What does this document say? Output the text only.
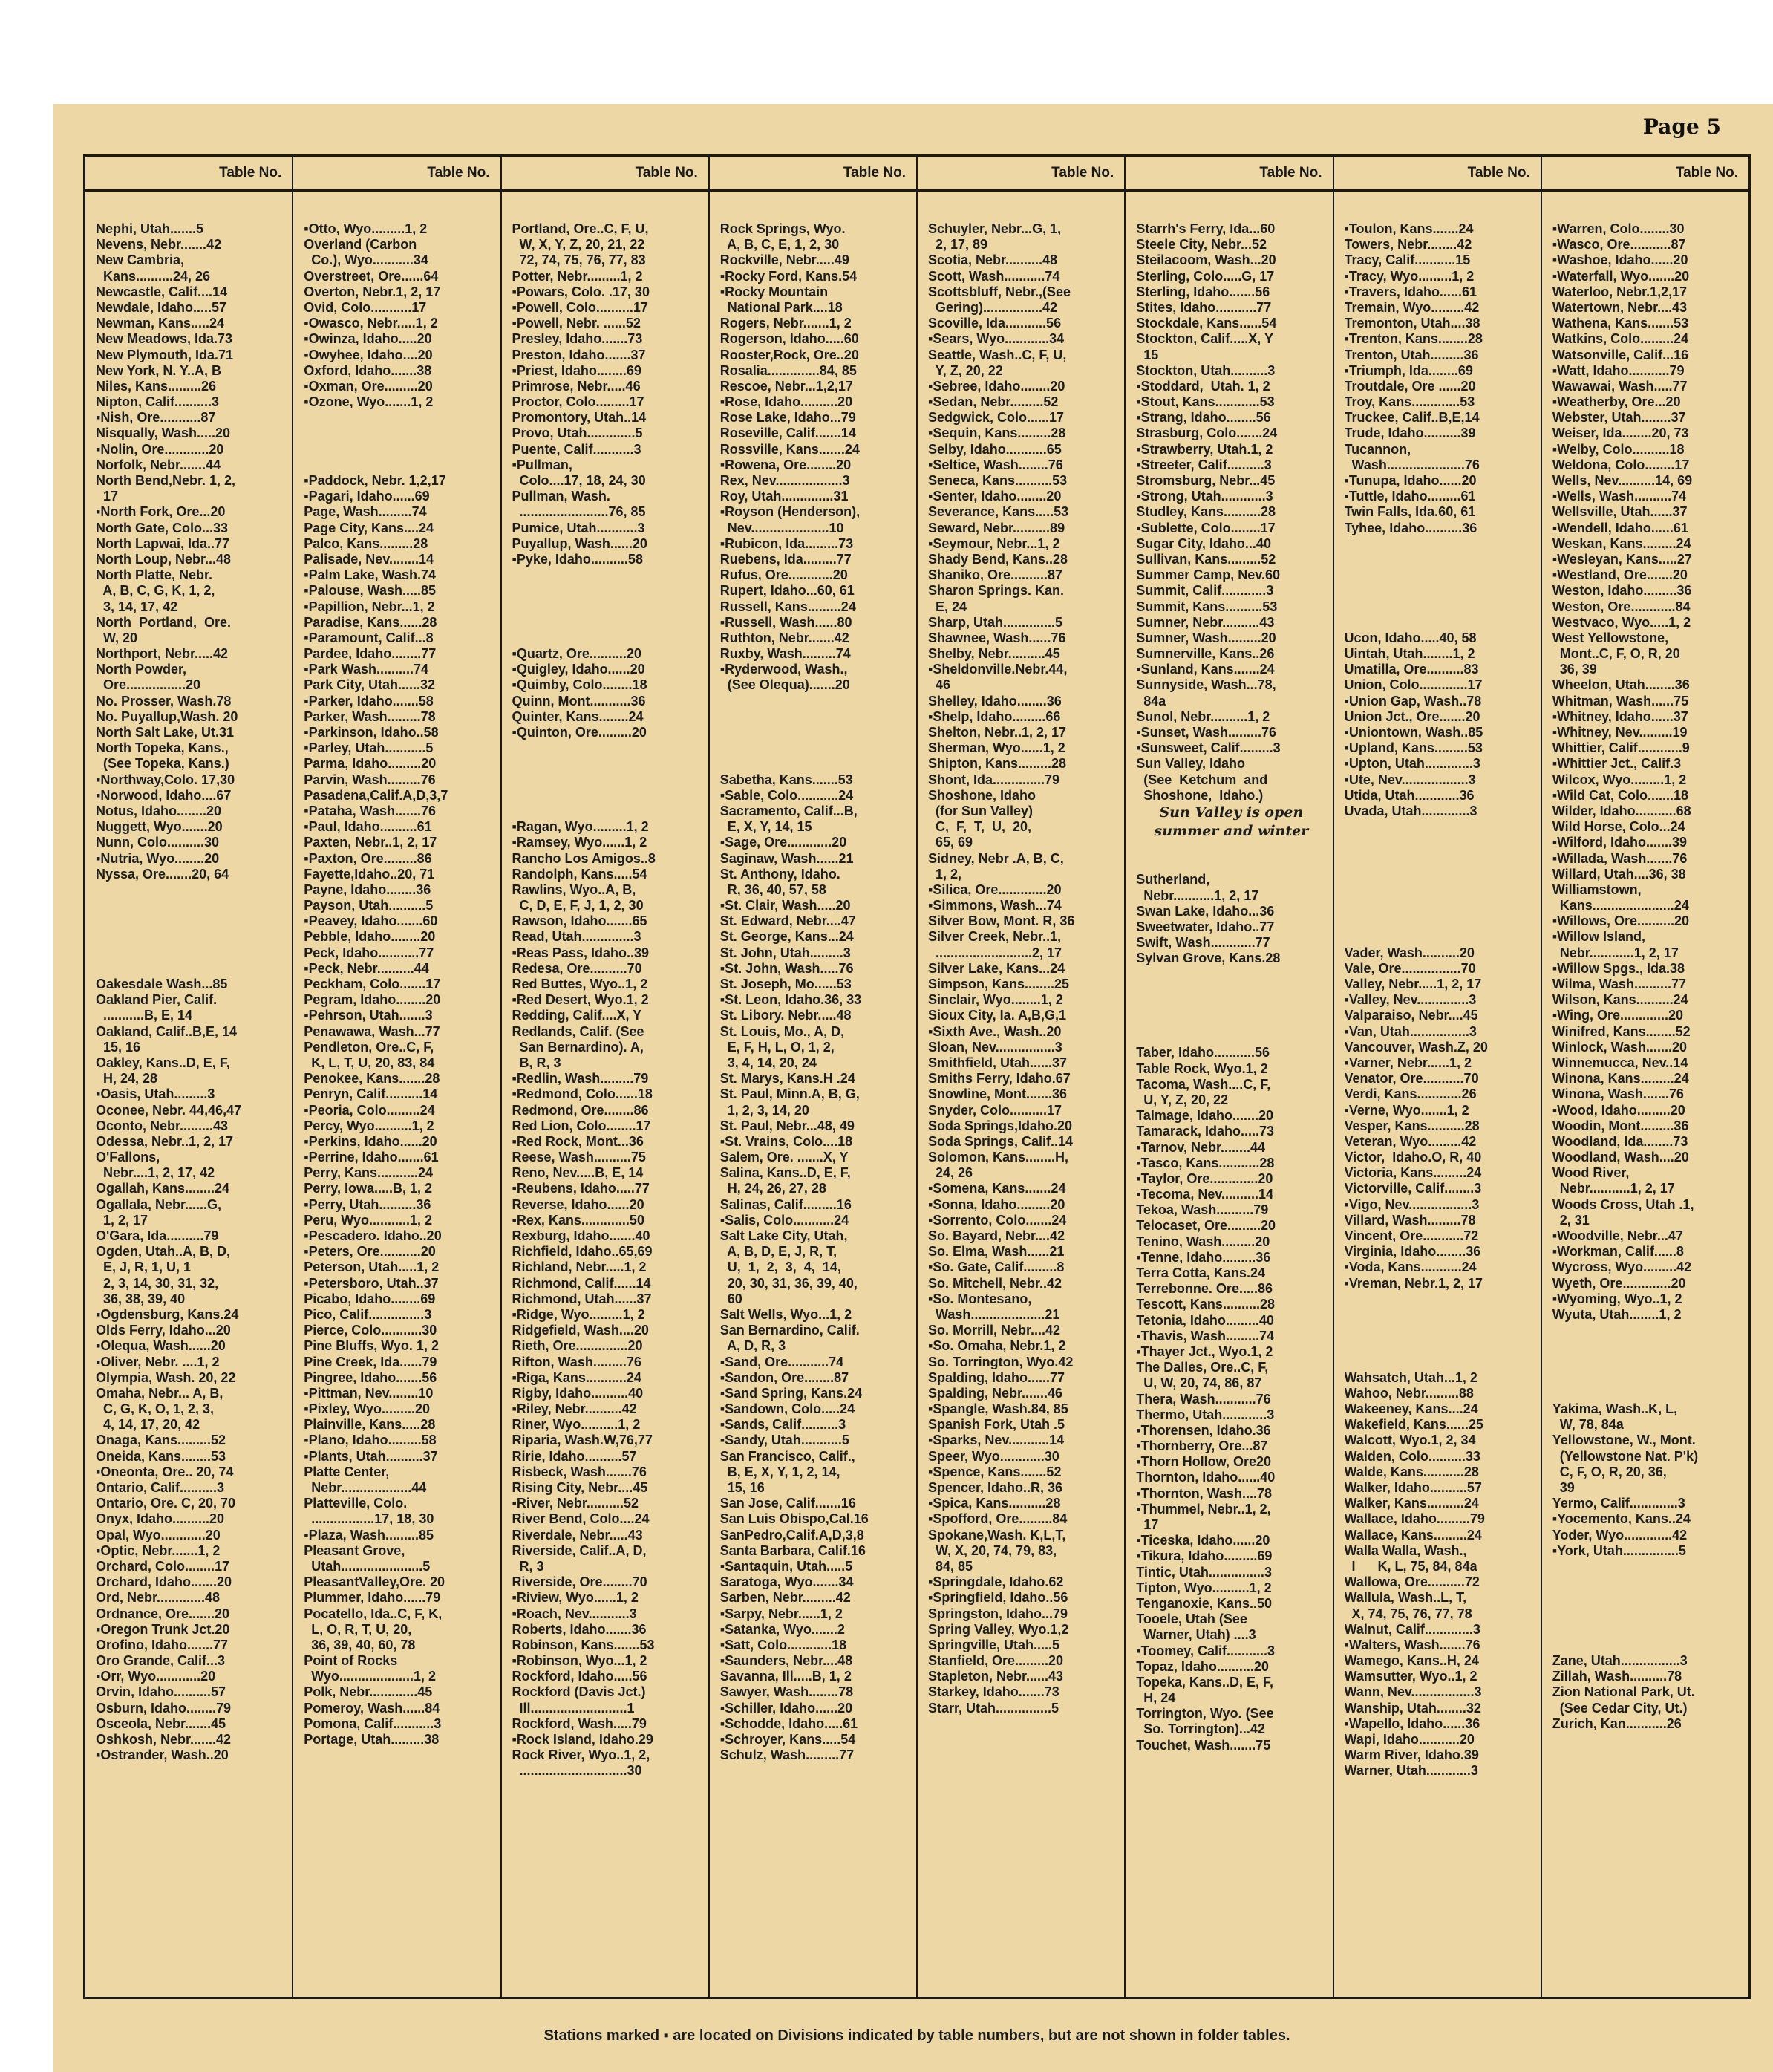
Page 5
Table No.
Nephi, Utah.......5
Nevens, Nebr.......42
New Cambria,
Kans..........24, 26
Newcastle, Calif....14
Newdale, Idaho.....57
Newman, Kans.....24
New Meadows, Ida.73
New Plymouth, Ida.71
New York, N. Y..A, B
Niles, Kans.........26
Nipton, Calif..........3
▪Nish, Ore...........87
Nisqually, Wash.....20
▪Nolin, Ore............20
Norfolk, Nebr.......44
North Bend,Nebr. 1, 2,
17
▪North Fork, Ore...20
North Gate, Colo...33
North Lapwai, Ida..77
North Loup, Nebr...48
North Platte, Nebr.
A, B, C, G, K, 1, 2,
3, 14, 17, 42
North  Portland,  Ore.
W, 20
Northport, Nebr.....42
North Powder,
Ore................20
No. Prosser, Wash.78
No. Puyallup,Wash. 20
North Salt Lake, Ut.31
North Topeka, Kans.,
(See Topeka, Kans.)
▪Northway,Colo. 17,30
▪Norwood, Idaho....67
Notus, Idaho........20
Nuggett, Wyo.......20
Nunn, Colo..........30
▪Nutria, Wyo........20
Nyssa, Ore.......20, 64

Oakesdale Wash...85
Oakland Pier, Calif.
...........B, E, 14
Oakland, Calif..B,E, 14
15, 16
Oakley, Kans..D, E, F,
H, 24, 28
▪Oasis, Utah.........3
Oconee, Nebr. 44,46,47
Oconto, Nebr.........43
Odessa, Nebr..1, 2, 17
O'Fallons,
Nebr....1, 2, 17, 42
Ogallah, Kans........24
Ogallala, Nebr......G,
1, 2, 17
O'Gara, Ida..........79
Ogden, Utah..A, B, D,
E, J, R, 1, U, 1
2, 3, 14, 30, 31, 32,
36, 38, 39, 40
▪Ogdensburg, Kans.24
Olds Ferry, Idaho...20
▪Olequa, Wash......20
▪Oliver, Nebr. ....1, 2
Olympia, Wash. 20, 22
Omaha, Nebr... A, B,
C, G, K, O, 1, 2, 3,
4, 14, 17, 20, 42
Onaga, Kans.........52
Oneida, Kans........53
▪Oneonta, Ore.. 20, 74
Ontario, Calif..........3
Ontario, Ore. C, 20, 70
Onyx, Idaho..........20
Opal, Wyo............20
▪Optic, Nebr.......1, 2
Orchard, Colo........17
Orchard, Idaho.......20
Ord, Nebr.............48
Ordnance, Ore.......20
▪Oregon Trunk Jct.20
Orofino, Idaho.......77
Oro Grande, Calif...3
▪Orr, Wyo............20
Orvin, Idaho..........57
Osburn, Idaho........79
Osceola, Nebr.......45
Oshkosh, Nebr.......42
▪Ostrander, Wash..20
Table No.
▪Otto, Wyo.........1, 2
Overland (Carbon
Co.), Wyo...........34
Overstreet, Ore......64
Overton, Nebr.1, 2, 17
Ovid, Colo...........17
▪Owasco, Nebr.....1, 2
▪Owinza, Idaho.....20
▪Owyhee, Idaho....20
Oxford, Idaho.......38
▪Oxman, Ore.........20
▪Ozone, Wyo.......1, 2

▪Paddock, Nebr. 1,2,17
▪Pagari, Idaho......69
Page, Wash.........74
Page City, Kans....24
Palco, Kans.........28
Palisade, Nev........14
▪Palm Lake, Wash.74
▪Palouse, Wash.....85
▪Papillion, Nebr...1, 2
Paradise, Kans......28
▪Paramount, Calif...8
Pardee, Idaho........77
▪Park Wash..........74
Park City, Utah......32
▪Parker, Idaho.......58
Parker, Wash.........78
▪Parkinson, Idaho..58
▪Parley, Utah...........5
Parma, Idaho.........20
Parvin, Wash.........76
Pasadena,Calif.A,D,3,7
▪Pataha, Wash.......76
▪Paul, Idaho..........61
Paxten, Nebr..1, 2, 17
▪Paxton, Ore.........86
Fayette,Idaho..20, 71
Payne, Idaho........36
Payson, Utah..........5
▪Peavey, Idaho.......60
Pebble, Idaho........20
Peck, Idaho...........77
▪Peck, Nebr..........44
Peckham, Colo.......17
Pegram, Idaho........20
▪Pehrson, Utah.......3
Penawawa, Wash...77
Pendleton, Ore..C, F,
K, L, T, U, 20, 83, 84
Penokee, Kans.......28
Penryn, Calif..........14
▪Peoria, Colo.........24
Percy, Wyo..........1, 2
▪Perkins, Idaho......20
▪Perrine, Idaho.......61
Perry, Kans...........24
Perry, Iowa.....B, 1, 2
▪Perry, Utah..........36
Peru, Wyo...........1, 2
▪Pescadero. Idaho..20
▪Peters, Ore...........20
Peterson, Utah.....1, 2
▪Petersboro, Utah..37
Picabo, Idaho........69
Pico, Calif...............3
Pierce, Colo...........30
Pine Bluffs, Wyo. 1, 2
Pine Creek, Ida......79
Pingree, Idaho.......56
▪Pittman, Nev........10
▪Pixley, Wyo.........20
Plainville, Kans.....28
▪Plano, Idaho.........58
▪Plants, Utah..........37
Platte Center,
Nebr...................44
Platteville, Colo.
.................17, 18, 30
▪Plaza, Wash.........85
Pleasant Grove,
Utah......................5
PleasantValley,Ore. 20
Plummer, Idaho......79
Pocatello, Ida..C, F, K,
L, O, R, T, U, 20,
36, 39, 40, 60, 78
Point of Rocks
Wyo....................1, 2
Polk, Nebr.............45
Pomeroy, Wash......84
Pomona, Calif...........3
Portage, Utah.........38
Table No.
Portland, Ore..C, F, U,
W, X, Y, Z, 20, 21, 22
72, 74, 75, 76, 77, 83
Potter, Nebr.........1, 2
▪Powars, Colo. .17, 30
▪Powell, Colo..........17
▪Powell, Nebr. ......52
Presley, Idaho.......73
Preston, Idaho.......37
▪Priest, Idaho........69
Primrose, Nebr.....46
Proctor, Colo.........17
Promontory, Utah..14
Provo, Utah.............5
Puente, Calif...........3
▪Pullman,
Colo....17, 18, 24, 30
Pullman, Wash.
........................76, 85
Pumice, Utah...........3
Puyallup, Wash......20
▪Pyke, Idaho..........58

▪Quartz, Ore..........20
▪Quigley, Idaho......20
▪Quimby, Colo........18
Quinn, Mont...........36
Quinter, Kans........24
▪Quinton, Ore.........20

▪Ragan, Wyo.........1, 2
▪Ramsey, Wyo......1, 2
Rancho Los Amigos..8
Randolph, Kans.....54
Rawlins, Wyo..A, B,
C, D, E, F, J, 1, 2, 30
Rawson, Idaho.......65
Read, Utah..............3
▪Reas Pass, Idaho..39
Redesa, Ore..........70
Red Buttes, Wyo..1, 2
▪Red Desert, Wyo.1, 2
Redding, Calif....X, Y
Redlands, Calif. (See
San Bernardino). A,
B, R, 3
▪Redlin, Wash.........79
▪Redmond, Colo......18
Redmond, Ore........86
Red Lion, Colo........17
▪Red Rock, Mont...36
Reese, Wash..........75
Reno, Nev.....B, E, 14
▪Reubens, Idaho.....77
Reverse, Idaho......20
▪Rex, Kans.............50
Rexburg, Idaho.......40
Richfield, Idaho..65,69
Richland, Nebr.....1, 2
Richmond, Calif......14
Richmond, Utah......37
▪Ridge, Wyo.........1, 2
Ridgefield, Wash....20
Rieth, Ore..............20
Rifton, Wash.........76
▪Riga, Kans...........24
Rigby, Idaho..........40
▪Riley, Nebr..........42
Riner, Wyo..........1, 2
Riparia, Wash.W,76,77
Ririe, Idaho..........57
Risbeck, Wash.......76
Rising City, Nebr....45
▪River, Nebr..........52
River Bend, Colo....24
Riverdale, Nebr.....43
Riverside, Calif..A, D,
R, 3
Riverside, Ore........70
▪Riview, Wyo......1, 2
▪Roach, Nev...........3
Roberts, Idaho.......36
Robinson, Kans.......53
▪Robinson, Wyo...1, 2
Rockford, Idaho.....56
Rockford (Davis Jct.)
Ill..........................1
Rockford, Wash.....79
▪Rock Island, Idaho.29
Rock River, Wyo..1, 2,
.............................30
Table No.
Rock Springs, Wyo.
A, B, C, E, 1, 2, 30
Rockville, Nebr.....49
▪Rocky Ford, Kans.54
▪Rocky Mountain
National Park....18
Rogers, Nebr.......1, 2
Rogerson, Idaho.....60
Rooster,Rock, Ore..20
Rosalia..............84, 85
Rescoe, Nebr...1,2,17
▪Rose, Idaho..........20
Rose Lake, Idaho...79
Roseville, Calif.......14
Rossville, Kans.......24
▪Rowena, Ore........20
Rex, Nev..................3
Roy, Utah..............31
▪Royson (Henderson),
Nev.....................10
▪Rubicon, Ida.........73
Ruebens, Ida.........77
Rufus, Ore............20
Rupert, Idaho...60, 61
Russell, Kans.........24
▪Russell, Wash......80
Ruthton, Nebr.......42
Ruxby, Wash.........74
▪Ryderwood, Wash.,
(See Olequa).......20

Sabetha, Kans.......53
▪Sable, Colo...........24
Sacramento, Calif...B,
E, X, Y, 14, 15
▪Sage, Ore............20
Saginaw, Wash......21
St. Anthony, Idaho.
R, 36, 40, 57, 58
▪St. Clair, Wash.....20
St. Edward, Nebr....47
St. George, Kans...24
St. John, Utah.........3
▪St. John, Wash.....76
St. Joseph, Mo......53
▪St. Leon, Idaho.36, 33
St. Libory. Nebr.....48
St. Louis, Mo., A, D,
E, F, H, L, O, 1, 2,
3, 4, 14, 20, 24
St. Marys, Kans.H .24
St. Paul, Minn.A, B, G,
1, 2, 3, 14, 20
St. Paul, Nebr...48, 49
▪St. Vrains, Colo....18
Salem, Ore. .......X, Y
Salina, Kans..D, E, F,
H, 24, 26, 27, 28
Salinas, Calif.........16
▪Salis, Colo...........24
Salt Lake City, Utah,
A, B, D, E, J, R, T,
U,  1,  2,  3,  4,  14,
20, 30, 31, 36, 39, 40,
60
Salt Wells, Wyo...1, 2
San Bernardino, Calif.
A, D, R, 3
▪Sand, Ore...........74
▪Sandon, Ore........87
▪Sand Spring, Kans.24
▪Sandown, Colo.....24
▪Sands, Calif..........3
▪Sandy, Utah...........5
San Francisco, Calif.,
B, E, X, Y, 1, 2, 14,
15, 16
San Jose, Calif.......16
San Luis Obispo,Cal.16
SanPedro,Calif.A,D,3,8
Santa Barbara, Calif.16
▪Santaquin, Utah.....5
Saratoga, Wyo.......34
Sarben, Nebr.........42
▪Sarpy, Nebr......1, 2
▪Satanka, Wyo.......2
▪Satt, Colo............18
▪Saunders, Nebr....48
Savanna, Ill.....B, 1, 2
Sawyer, Wash........78
▪Schiller, Idaho......20
▪Schodde, Idaho.....61
▪Schroyer, Kans.....54
Schulz, Wash.........77
Table No.
Schuyler, Nebr...G, 1,
2, 17, 89
Scotia, Nebr..........48
Scott, Wash...........74
Scottsbluff, Nebr.,(See
Gering)................42
Scoville, Ida...........56
▪Sears, Wyo............34
Seattle, Wash..C, F, U,
Y, Z, 20, 22
▪Sebree, Idaho........20
▪Sedan, Nebr.........52
Sedgwick, Colo......17
▪Sequin, Kans.........28
Selby, Idaho...........65
▪Seltice, Wash........76
Seneca, Kans..........53
▪Senter, Idaho........20
Severance, Kans.....53
Seward, Nebr..........89
▪Seymour, Nebr...1, 2
Shady Bend, Kans..28
Shaniko, Ore..........87
Sharon Springs. Kan.
E, 24
Sharp, Utah..............5
Shawnee, Wash......76
Shelby, Nebr..........45
▪Sheldonville.Nebr.44,
46
Shelley, Idaho........36
▪Shelp, Idaho.........66
Shelton, Nebr..1, 2, 17
Sherman, Wyo......1, 2
Shipton, Kans.........28
Shont, Ida..............79
Shoshone, Idaho
(for Sun Valley)
C,  F,  T,  U,  20,
65, 69
Sidney, Nebr .A, B, C,
1, 2,
▪Silica, Ore.............20
▪Simmons, Wash...74
Silver Bow, Mont. R, 36
Silver Creek, Nebr..1,
..........................2, 17
Silver Lake, Kans...24
Simpson, Kans........25
Sinclair, Wyo........1, 2
Sioux City, Ia. A,B,G,1
▪Sixth Ave., Wash..20
Sloan, Nev................3
Smithfield, Utah......37
Smiths Ferry, Idaho.67
Snowline, Mont.......36
Snyder, Colo..........17
Soda Springs,Idaho.20
Soda Springs, Calif..14
Solomon, Kans........H,
24, 26
▪Somena, Kans.......24
▪Sonna, Idaho.........20
▪Sorrento, Colo.......24
So. Bayard, Nebr....42
So. Elma, Wash......21
▪So. Gate, Calif.........8
So. Mitchell, Nebr..42
▪So. Montesano,
Wash....................21
So. Morrill, Nebr....42
▪So. Omaha, Nebr.1, 2
So. Torrington, Wyo.42
Spalding, Idaho......77
Spalding, Nebr.......46
▪Spangle, Wash.84, 85
Spanish Fork, Utah .5
▪Sparks, Nev...........14
Speer, Wyo............30
▪Spence, Kans.......52
Spencer, Idaho..R, 36
▪Spica, Kans..........28
▪Spofford, Ore.........84
Spokane,Wash. K,L,T,
W, X, 20, 74, 79, 83,
84, 85
▪Springdale, Idaho.62
▪Springfield, Idaho..56
Springston, Idaho...79
Spring Valley, Wyo.1,2
Springville, Utah.....5
Stanfield, Ore.........20
Stapleton, Nebr......43
Starkey, Idaho.......73
Starr, Utah...............5
Table No.
Starrh's Ferry, Ida...60
Steele City, Nebr...52
Steilacoom, Wash...20
Sterling, Colo.....G, 17
Sterling, Idaho.......56
Stites, Idaho...........77
Stockdale, Kans......54
Stockton, Calif.....X, Y
15
Stockton, Utah..........3
▪Stoddard,  Utah. 1, 2
▪Stout, Kans............53
▪Strang, Idaho........56
Strasburg, Colo.......24
▪Strawberry, Utah.1, 2
▪Streeter, Calif..........3
Stromsburg, Nebr...45
▪Strong, Utah............3
Studley, Kans..........28
▪Sublette, Colo........17
Sugar City, Idaho...40
Sullivan, Kans.........52
Summer Camp, Nev.60
Summit, Calif............3
Summit, Kans..........53
Sumner, Nebr..........43
Sumner, Wash.........20
Sumnerville, Kans..26
▪Sunland, Kans.......24
Sunnyside, Wash...78,
84a
Sunol, Nebr..........1, 2
▪Sunset, Wash.........76
▪Sunsweet, Calif.........3
Sun Valley, Idaho
(See  Ketchum  and
Shoshone,  Idaho.)
Sun Valley is open summer and winter

Sutherland,
Nebr...........1, 2, 17
Swan Lake, Idaho...36
Sweetwater, Idaho..77
Swift, Wash............77
Sylvan Grove, Kans.28

Taber, Idaho...........56
Table Rock, Wyo.1, 2
Tacoma, Wash....C, F,
U, Y, Z, 20, 22
Talmage, Idaho.......20
Tamarack, Idaho.....73
▪Tarnov, Nebr........44
▪Tasco, Kans...........28
▪Taylor, Ore.............20
▪Tecoma, Nev..........14
Tekoa, Wash..........79
Telocaset, Ore.........20
Tenino, Wash.........20
▪Tenne, Idaho.........36
Terra Cotta, Kans.24
Terrebonne. Ore.....86
Tescott, Kans..........28
Tetonia, Idaho.........40
▪Thavis, Wash.........74
▪Thayer Jct., Wyo.1, 2
The Dalles, Ore..C, F,
U, W, 20, 74, 86, 87
Thera, Wash...........76
Thermo, Utah............3
▪Thorensen, Idaho.36
▪Thornberry, Ore...87
▪Thorn Hollow, Ore20
Thornton, Idaho......40
▪Thornton, Wash....78
▪Thummel, Nebr..1, 2,
17
▪Ticeska, Idaho......20
▪Tikura, Idaho.........69
Tintic, Utah...............3
Tipton, Wyo..........1, 2
Tenganoxie, Kans..50
Tooele, Utah (See
Warner, Utah) ....3
▪Toomey, Calif...........3
Topaz, Idaho..........20
Topeka, Kans..D, E, F,
H, 24
Torrington, Wyo. (See
So. Torrington)...42
Touchet, Wash.......75
Table No.
▪Toulon, Kans.......24
Towers, Nebr........42
Tracy, Calif...........15
▪Tracy, Wyo.........1, 2
▪Travers, Idaho......61
Tremain, Wyo.........42
Tremonton, Utah....38
▪Trenton, Kans........28
Trenton, Utah.........36
▪Triumph, Ida........69
Troutdale, Ore ......20
Troy, Kans.............53
Truckee, Calif..B,E,14
Trude, Idaho..........39
Tucannon,
Wash.....................76
▪Tunupa, Idaho......20
▪Tuttle, Idaho.........61
Twin Falls, Ida.60, 61
Tyhee, Idaho..........36

Ucon, Idaho.....40, 58
Uintah, Utah........1, 2
Umatilla, Ore..........83
Union, Colo.............17
▪Union Gap, Wash..78
Union Jct., Ore.......20
▪Uniontown, Wash..85
▪Upland, Kans.........53
▪Upton, Utah.............3
▪Ute, Nev..................3
Utida, Utah............36
Uvada, Utah.............3

Vader, Wash..........20
Vale, Ore................70
Valley, Nebr.....1, 2, 17
▪Valley, Nev..............3
Valparaiso, Nebr....45
▪Van, Utah................3
Vancouver, Wash.Z, 20
▪Varner, Nebr......1, 2
Venator, Ore...........70
Verdi, Kans............26
▪Verne, Wyo.......1, 2
Vesper, Kans..........28
Veteran, Wyo.........42
Victor,  Idaho.O, R, 40
Victoria, Kans.........24
Victorville, Calif........3
▪Vigo, Nev.................3
Villard, Wash.........78
Vincent, Ore...........72
Virginia, Idaho........36
▪Voda, Kans...........24
▪Vreman, Nebr.1, 2, 17

Wahsatch, Utah...1, 2
Wahoo, Nebr.........88
Wakeeney, Kans....24
Wakefield, Kans......25
Walcott, Wyo.1, 2, 34
Walden, Colo..........33
Walde, Kans...........28
Walker, Idaho..........57
Walker, Kans..........24
Wallace, Idaho.........79
Wallace, Kans.........24
Walla Walla, Wash.,
I      K, L, 75, 84, 84a
Wallowa, Ore..........72
Wallula, Wash..L, T,
X, 74, 75, 76, 77, 78
Walnut, Calif.............3
▪Walters, Wash.......76
Wamego, Kans..H, 24
Wamsutter, Wyo..1, 2
Wann, Nev.................3
Wanship, Utah........32
▪Wapello, Idaho......36
Wapi, Idaho...........20
Warm River, Idaho.39
Warner, Utah............3
Table No.
▪Warren, Colo........30
▪Wasco, Ore...........87
▪Washoe, Idaho......20
▪Waterfall, Wyo.......20
Waterloo, Nebr.1,2,17
Watertown, Nebr....43
Wathena, Kans.......53
Watkins, Colo.........24
Watsonville, Calif...16
▪Watt, Idaho...........79
Wawawai, Wash.....77
▪Weatherby, Ore...20
Webster, Utah........37
Weiser, Ida........20, 73
▪Welby, Colo..........18
Weldona, Colo........17
Wells, Nev..........14, 69
▪Wells, Wash..........74
Wellsville, Utah......37
▪Wendell, Idaho......61
Weskan, Kans.........24
▪Wesleyan, Kans.....27
▪Westland, Ore.......20
Weston, Idaho.........36
Weston, Ore............84
Westvaco, Wyo.....1, 2
West Yellowstone,
Mont..C, F, O, R, 20
36, 39
Wheelon, Utah........36
Whitman, Wash......75
▪Whitney, Idaho......37
▪Whitney, Nev.........19
Whittier, Calif............9
▪Whittier Jct., Calif.3
Wilcox, Wyo.........1, 2
▪Wild Cat, Colo.......18
Wilder, Idaho...........68
Wild Horse, Colo...24
▪Wilford, Idaho.......39
▪Willada, Wash.......76
Willard, Utah....36, 38
Williamstown,
Kans......................24
▪Willows, Ore..........20
▪Willow Island,
Nebr............1, 2, 17
▪Willow Spgs., Ida.38
Wilma, Wash..........77
Wilson, Kans..........24
▪Wing, Ore.............20
Winifred, Kans........52
Winlock, Wash.......20
Winnemucca, Nev..14
Winona, Kans.........24
Winona, Wash.......76
▪Wood, Idaho.........20
Woodin, Mont.........36
Woodland, Ida........73
Woodland, Wash....20
Wood River,
Nebr...........1, 2, 17
Woods Cross, Utah .1,
2, 31
▪Woodville, Nebr...47
▪Workman, Calif......8
Wycross, Wyo.........42
Wyeth, Ore.............20
▪Wyoming, Wyo..1, 2
Wyuta, Utah........1, 2

Yakima, Wash..K, L,
W, 78, 84a
Yellowstone, W., Mont.
(Yellowstone Nat. P'k)
C, F, O, R, 20, 36,
39
Yermo, Calif.............3
▪Yocemento, Kans..24
Yoder, Wyo.............42
▪York, Utah...............5

Zane, Utah................3
Zillah, Wash..........78
Zion National Park, Ut.
(See Cedar City, Ut.)
Zurich, Kan...........26
Stations marked ▪ are located on Divisions indicated by table numbers, but are not shown in folder tables.
